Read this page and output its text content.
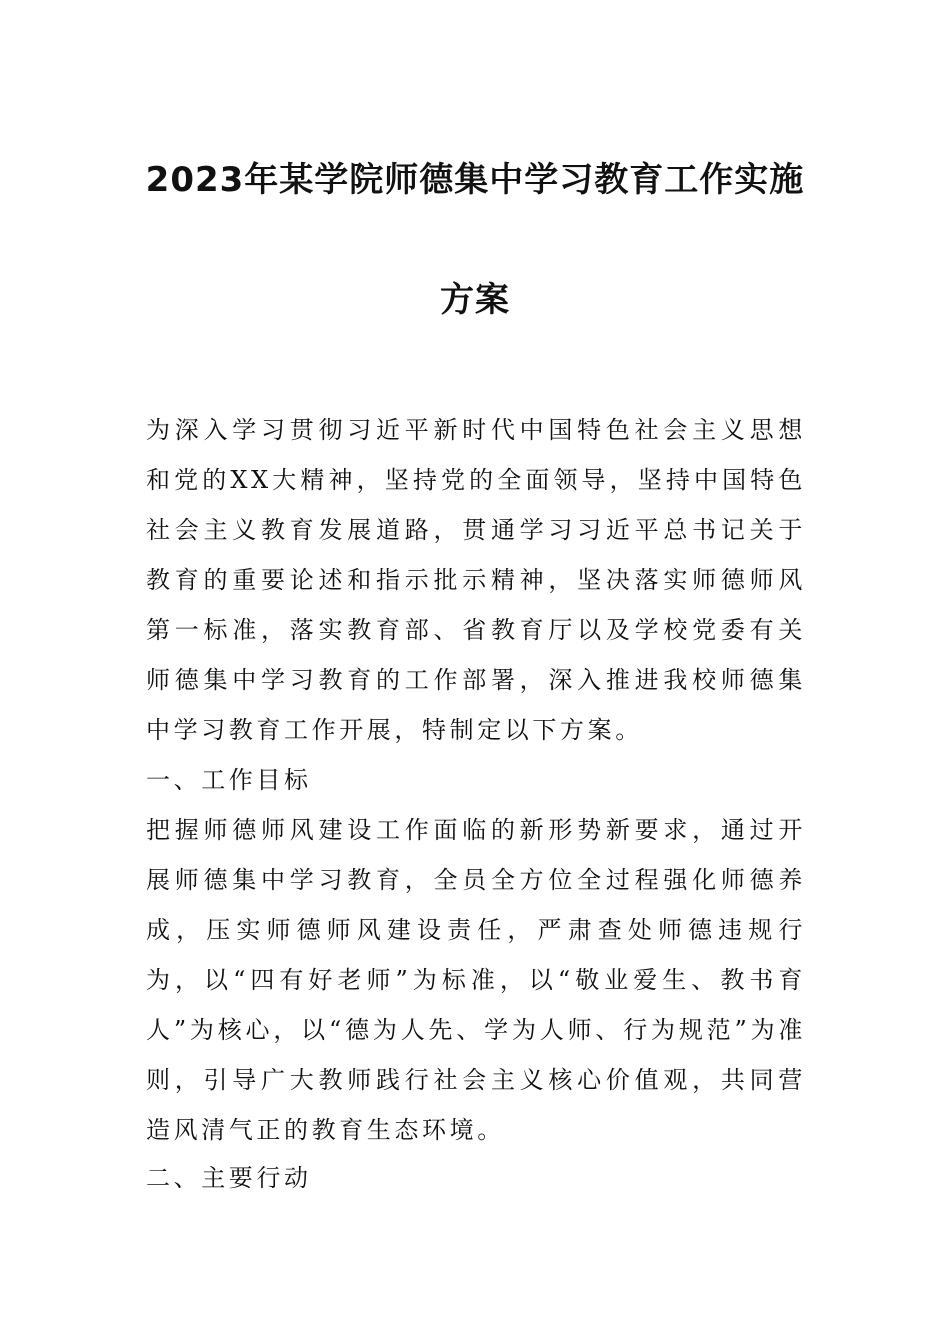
2023年某学院师德集中学习教育工作实施
方案
为深入学习贯彻习近平新时代中国特色社会主义思想和党的XX大精神，坚持党的全面领导，坚持中国特色社会主义教育发展道路，贯通学习习近平总书记关于教育的重要论述和指示批示精神，坚决落实师德师风第一标准，落实教育部、省教育厅以及学校党委有关师德集中学习教育的工作部署，深入推进我校师德集中学习教育工作开展，特制定以下方案。
一、工作目标
把握师德师风建设工作面临的新形势新要求，通过开展师德集中学习教育，全员全方位全过程强化师德养成，压实师德师风建设责任，严肃查处师德违规行为，以“四有好老师”为标准，以“敬业爱生、教书育人”为核心，以“德为人先、学为人师、行为规范”为准则，引导广大教师践行社会主义核心价值观，共同营造风清气正的教育生态环境。
二、主要行动
